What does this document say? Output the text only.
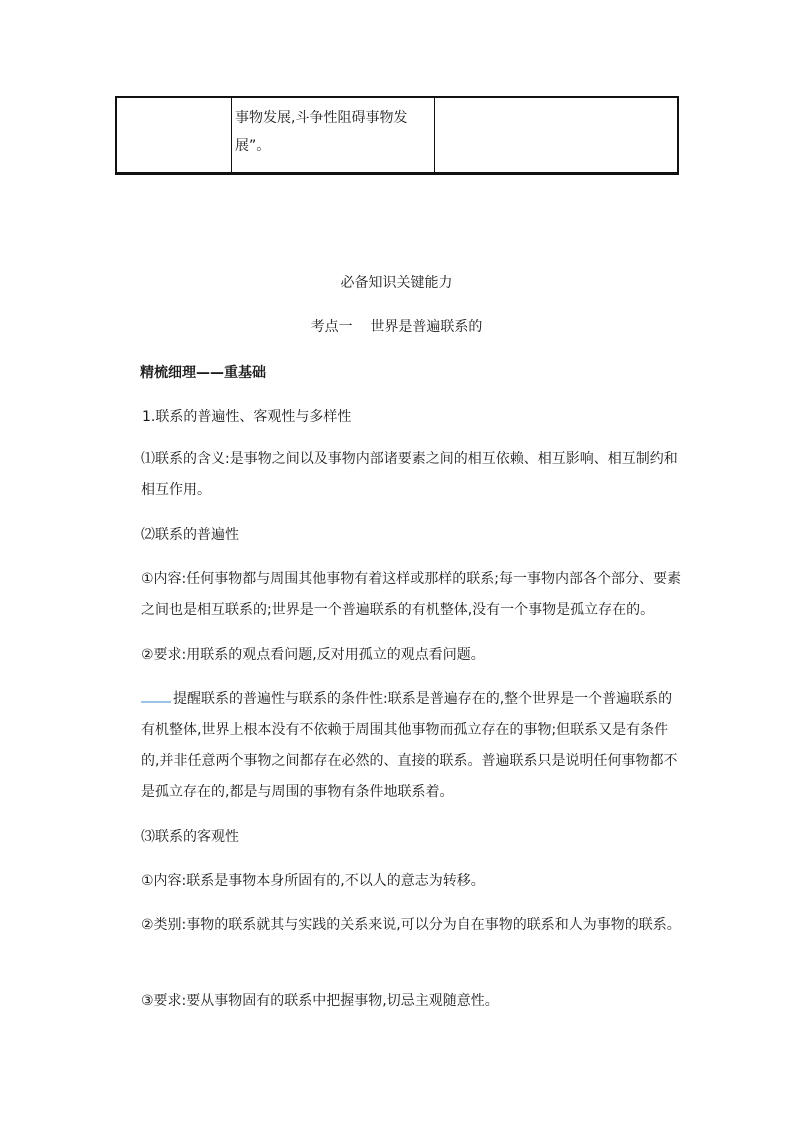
事物发展,斗争性阻碍事物发展”。
必备知识关键能力
考点一    世界是普遍联系的
精梳细理——重基础
1.联系的普遍性、客观性与多样性
⑴联系的含义:是事物之间以及事物内部诸要素之间的相互依赖、相互影响、相互制约和相互作用。
⑵联系的普遍性
①内容:任何事物都与周围其他事物有着这样或那样的联系;每一事物内部各个部分、要素之间也是相互联系的;世界是一个普遍联系的有机整体,没有一个事物是孤立存在的。
②要求:用联系的观点看问题,反对用孤立的观点看问题。
提醒联系的普遍性与联系的条件性:联系是普遍存在的,整个世界是一个普遍联系的有机整体,世界上根本没有不依赖于周围其他事物而孤立存在的事物;但联系又是有条件的,并非任意两个事物之间都存在必然的、直接的联系。普遍联系只是说明任何事物都不是孤立存在的,都是与周围的事物有条件地联系着。
⑶联系的客观性
①内容:联系是事物本身所固有的,不以人的意志为转移。
②类别:事物的联系就其与实践的关系来说,可以分为自在事物的联系和人为事物的联系。
③要求:要从事物固有的联系中把握事物,切忌主观随意性。
